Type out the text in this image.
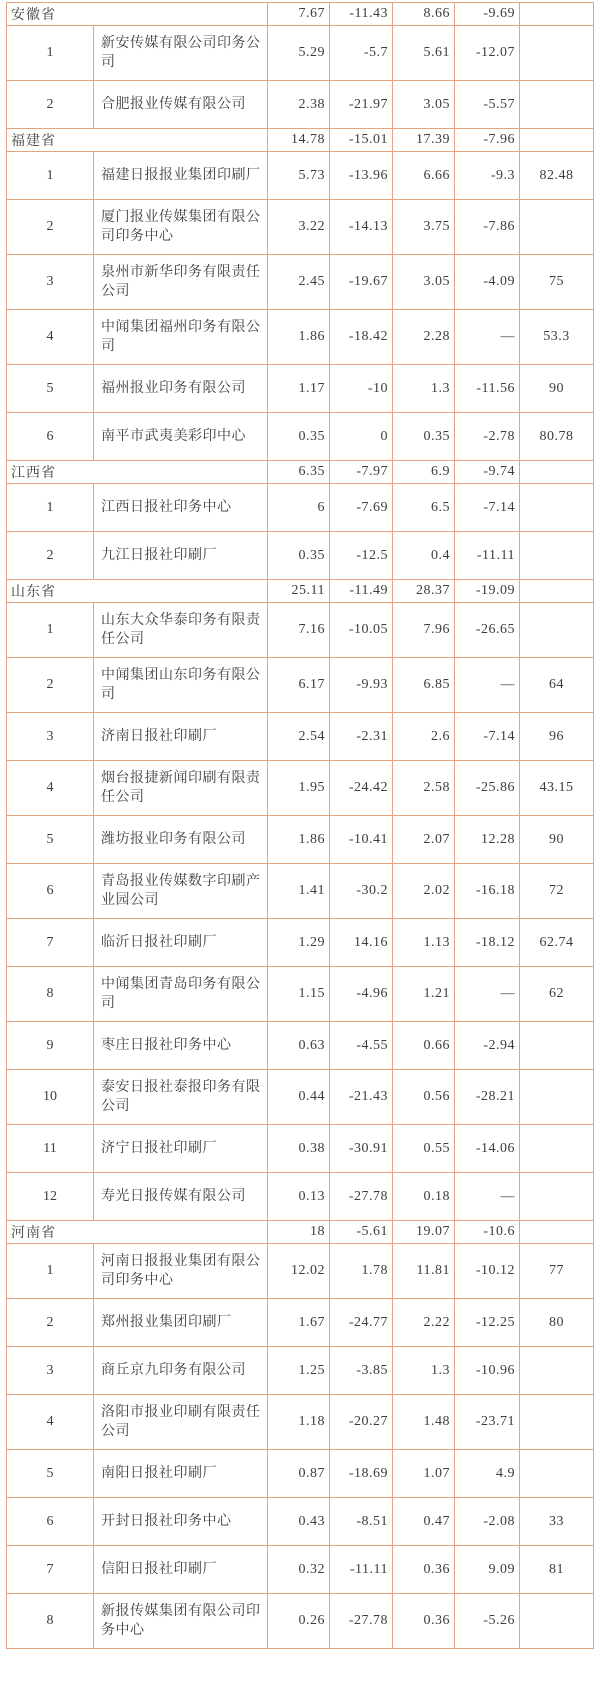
安徽省		7.67	-11.43	8.66	-9.69	
1	新安传媒有限公司印务公司	5.29	-5.7	5.61	-12.07	
2	合肥报业传媒有限公司	2.38	-21.97	3.05	-5.57	
福建省		14.78	-15.01	17.39	-7.96	
1	福建日报报业集团印刷厂	5.73	-13.96	6.66	-9.3	82.48
2	厦门报业传媒集团有限公司印务中心	3.22	-14.13	3.75	-7.86	
3	泉州市新华印务有限责任公司	2.45	-19.67	3.05	-4.09	75
4	中闻集团福州印务有限公司	1.86	-18.42	2.28	—	53.3
5	福州报业印务有限公司	1.17	-10	1.3	-11.56	90
6	南平市武夷美彩印中心	0.35	0	0.35	-2.78	80.78
江西省		6.35	-7.97	6.9	-9.74	
1	江西日报社印务中心	6	-7.69	6.5	-7.14	
2	九江日报社印刷厂	0.35	-12.5	0.4	-11.11	
山东省		25.11	-11.49	28.37	-19.09	
1	山东大众华泰印务有限责任公司	7.16	-10.05	7.96	-26.65	
2	中闻集团山东印务有限公司	6.17	-9.93	6.85	—	64
3	济南日报社印刷厂	2.54	-2.31	2.6	-7.14	96
4	烟台报捷新闻印刷有限责任公司	1.95	-24.42	2.58	-25.86	43.15
5	潍坊报业印务有限公司	1.86	-10.41	2.07	12.28	90
6	青岛报业传媒数字印刷产业园公司	1.41	-30.2	2.02	-16.18	72
7	临沂日报社印刷厂	1.29	14.16	1.13	-18.12	62.74
8	中闻集团青岛印务有限公司	1.15	-4.96	1.21	—	62
9	枣庄日报社印务中心	0.63	-4.55	0.66	-2.94	
10	泰安日报社泰报印务有限公司	0.44	-21.43	0.56	-28.21	
11	济宁日报社印刷厂	0.38	-30.91	0.55	-14.06	
12	寿光日报传媒有限公司	0.13	-27.78	0.18	—	
河南省		18	-5.61	19.07	-10.6	
1	河南日报报业集团有限公司印务中心	12.02	1.78	11.81	-10.12	77
2	郑州报业集团印刷厂	1.67	-24.77	2.22	-12.25	80
3	商丘京九印务有限公司	1.25	-3.85	1.3	-10.96	
4	洛阳市报业印刷有限责任公司	1.18	-20.27	1.48	-23.71	
5	南阳日报社印刷厂	0.87	-18.69	1.07	4.9	
6	开封日报社印务中心	0.43	-8.51	0.47	-2.08	33
7	信阳日报社印刷厂	0.32	-11.11	0.36	9.09	81
8	新报传媒集团有限公司印务中心	0.26	-27.78	0.36	-5.26	
